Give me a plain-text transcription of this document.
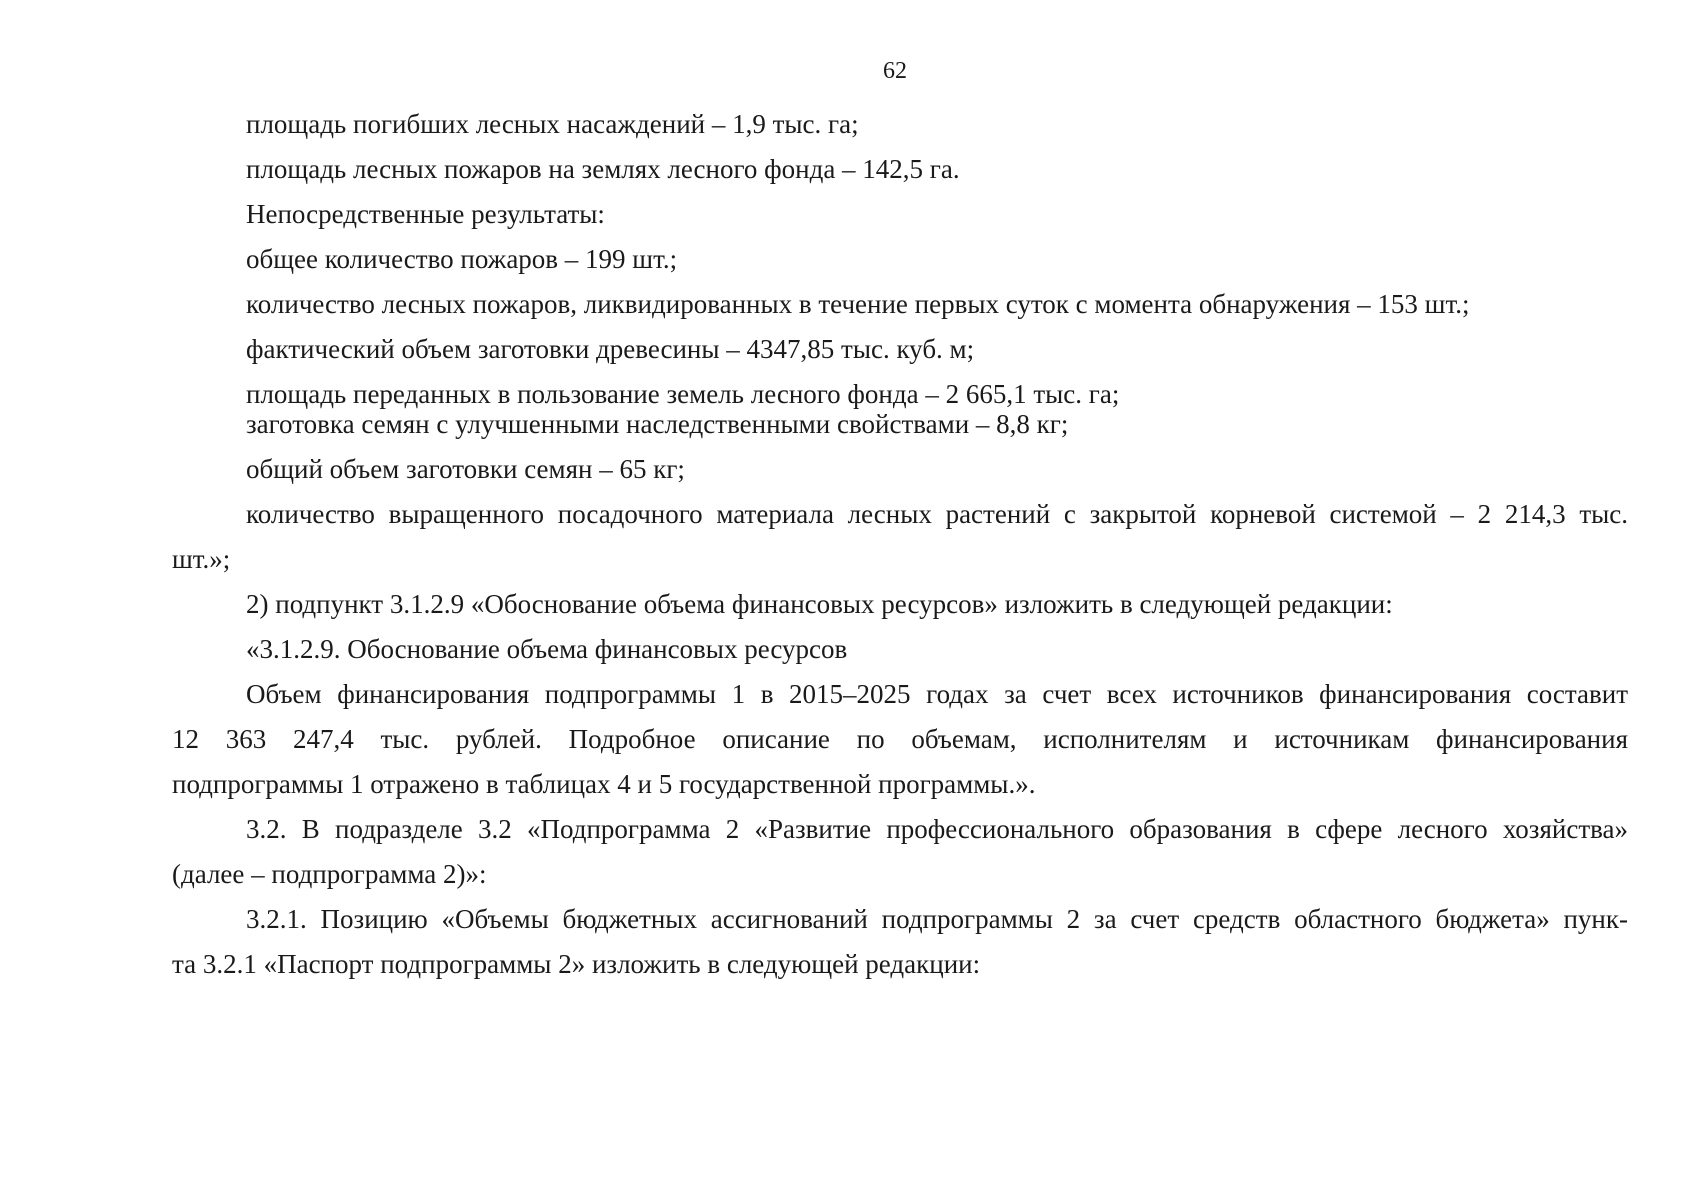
62

площадь погибших лесных насаждений – 1,9 тыс. га;

площадь лесных пожаров на землях лесного фонда – 142,5 га.

Непосредственные результаты:

общее количество пожаров – 199 шт.;

количество лесных пожаров, ликвидированных в течение первых суток с момента обнаружения – 153 шт.;

фактический объем заготовки древесины – 4347,85 тыс. куб. м;

площадь переданных в пользование земель лесного фонда – 2 665,1 тыс. га;

заготовка семян с улучшенными наследственными свойствами – 8,8 кг;

общий объем заготовки семян – 65 кг;

количество выращенного посадочного материала лесных растений с закрытой корневой системой – 2 214,3 тыс.

шт.»;

2) подпункт 3.1.2.9 «Обоснование объема финансовых ресурсов» изложить в следующей редакции:

«3.1.2.9. Обоснование объема финансовых ресурсов

Объем финансирования подпрограммы 1 в 2015–2025 годах за счет всех источников финансирования составит

12 363 247,4 тыс. рублей. Подробное описание по объемам, исполнителям и источникам финансирования

подпрограммы 1 отражено в таблицах 4 и 5 государственной программы.».

3.2. В подразделе 3.2 «Подпрограмма 2 «Развитие профессионального образования в сфере лесного хозяйства»

(далее – подпрограмма 2)»:

3.2.1. Позицию «Объемы бюджетных ассигнований подпрограммы 2 за счет средств областного бюджета» пунк-

та 3.2.1 «Паспорт подпрограммы 2» изложить в следующей редакции:
